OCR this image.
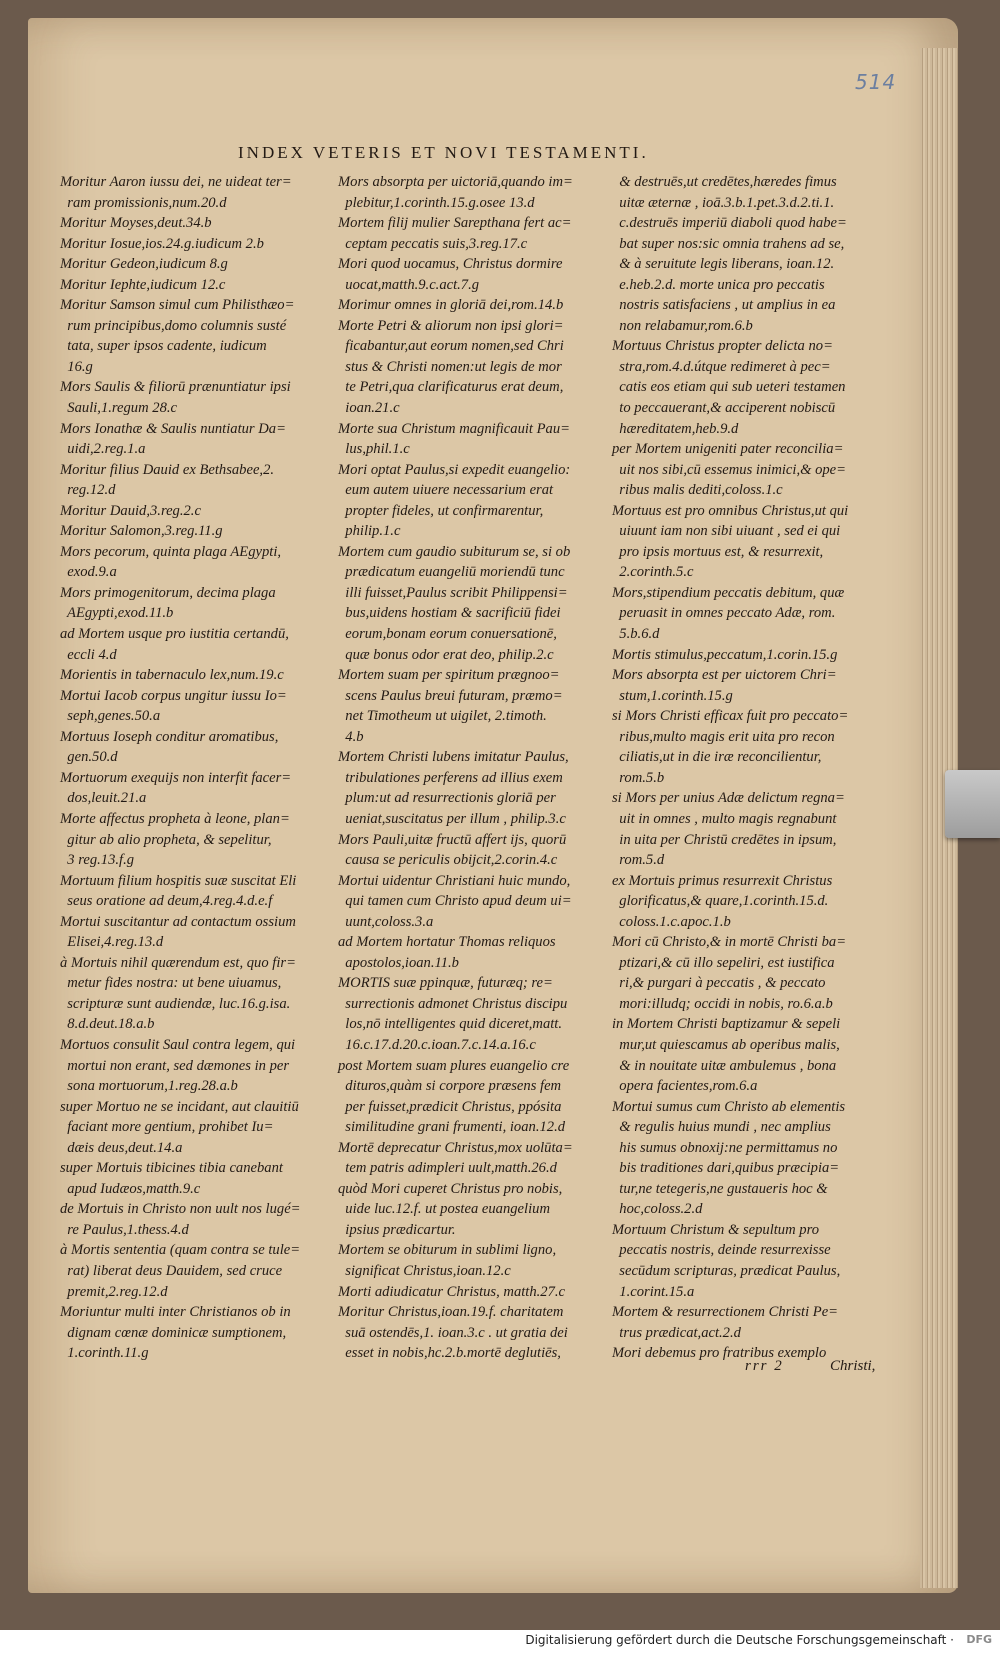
514
INDEX VETERIS ET NOVI TESTAMENTI.
Moritur Aaron iussu dei, ne uideat ter=
ram promissionis,num.20.d
Moritur Moyses,deut.34.b
Moritur Iosue,ios.24.g.iudicum 2.b
Moritur Gedeon,iudicum 8.g
Moritur Iephte,iudicum 12.c
Moritur Samson simul cum Philisthæo=
rum principibus,domo columnis susté
tata, super ipsos cadente, iudicum
16.g
Mors Saulis & filiorū prænuntiatur ipsi
Sauli,1.regum 28.c
Mors Ionathæ & Saulis nuntiatur Da=
uidi,2.reg.1.a
Moritur filius Dauid ex Bethsabee,2.
reg.12.d
Moritur Dauid,3.reg.2.c
Moritur Salomon,3.reg.11.g
Mors pecorum, quinta plaga AEgypti,
exod.9.a
Mors primogenitorum, decima plaga
AEgypti,exod.11.b
ad Mortem usque pro iustitia certandū,
eccli 4.d
Morientis in tabernaculo lex,num.19.c
Mortui Iacob corpus ungitur iussu Io=
seph,genes.50.a
Mortuus Ioseph conditur aromatibus,
gen.50.d
Mortuorum exequijs non interfit facer=
dos,leuit.21.a
Morte affectus propheta à leone, plan=
gitur ab alio propheta, & sepelitur,
3 reg.13.f.g
Mortuum filium hospitis suæ suscitat Eli
seus oratione ad deum,4.reg.4.d.e.f
Mortui suscitantur ad contactum ossium
Elisei,4.reg.13.d
à Mortuis nihil quærendum est, quo fir=
metur fides nostra: ut bene uiuamus,
scripturæ sunt audiendæ, luc.16.g.isa.
8.d.deut.18.a.b
Mortuos consulit Saul contra legem, qui
mortui non erant, sed dæmones in per
sona mortuorum,1.reg.28.a.b
super Mortuo ne se incidant, aut clauitiū
faciant more gentium, prohibet Iu=
dæis deus,deut.14.a
super Mortuis tibicines tibia canebant
apud Iudæos,matth.9.c
de Mortuis in Christo non uult nos lugé=
re Paulus,1.thess.4.d
à Mortis sententia (quam contra se tule=
rat) liberat deus Dauidem, sed cruce
premit,2.reg.12.d
Moriuntur multi inter Christianos ob in
dignam cœnæ dominicæ sumptionem,
1.corinth.11.g
Mors absorpta per uictoriā,quando im=
plebitur,1.corinth.15.g.osee 13.d
Mortem filij mulier Sarepthana fert ac=
ceptam peccatis suis,3.reg.17.c
Mori quod uocamus, Christus dormire
uocat,matth.9.c.act.7.g
Morimur omnes in gloriā dei,rom.14.b
Morte Petri & aliorum non ipsi glori=
ficabantur,aut eorum nomen,sed Chri
stus & Christi nomen:ut legis de mor
te Petri,qua clarificaturus erat deum,
ioan.21.c
Morte sua Christum magnificauit Pau=
lus,phil.1.c
Mori optat Paulus,si expedit euangelio:
eum autem uiuere necessarium erat
propter fideles, ut confirmarentur,
philip.1.c
Mortem cum gaudio subiturum se, si ob
prædicatum euangeliū moriendū tunc
illi fuisset,Paulus scribit Philippensi=
bus,uidens hostiam & sacrificiū fidei
eorum,bonam eorum conuersationē,
quæ bonus odor erat deo, philip.2.c
Mortem suam per spiritum prægnoo=
scens Paulus breui futuram, præmo=
net Timotheum ut uigilet, 2.timoth.
4.b
Mortem Christi lubens imitatur Paulus,
tribulationes perferens ad illius exem
plum:ut ad resurrectionis gloriā per
ueniat,suscitatus per illum , philip.3.c
Mors Pauli,uitæ fructū affert ijs, quorū
causa se periculis obijcit,2.corin.4.c
Mortui uidentur Christiani huic mundo,
qui tamen cum Christo apud deum ui=
uunt,coloss.3.a
ad Mortem hortatur Thomas reliquos
apostolos,ioan.11.b
MORTIS suæ ppinquæ, futuræq; re=
surrectionis admonet Christus discipu
los,nō intelligentes quid diceret,matt.
16.c.17.d.20.c.ioan.7.c.14.a.16.c
post Mortem suam plures euangelio cre
dituros,quàm si corpore præsens fem
per fuisset,prædicit Christus, ppósita
similitudine grani frumenti, ioan.12.d
Mortē deprecatur Christus,mox uolūta=
tem patris adimpleri uult,matth.26.d
quòd Mori cuperet Christus pro nobis,
uide luc.12.f. ut postea euangelium
ipsius prædicartur.
Mortem se obiturum in sublimi ligno,
significat Christus,ioan.12.c
Morti adiudicatur Christus, matth.27.c
Moritur Christus,ioan.19.f. charitatem
suā ostendēs,1. ioan.3.c . ut gratia dei
esset in nobis,hc.2.b.mortē deglutiēs,
& destruēs,ut credētes,hæredes fimus
uitæ æternæ , ioā.3.b.1.pet.3.d.2.ti.1.
c.destruēs imperiū diaboli quod habe=
bat super nos:sic omnia trahens ad se,
& à seruitute legis liberans, ioan.12.
e.heb.2.d. morte unica pro peccatis
nostris satisfaciens , ut amplius in ea
non relabamur,rom.6.b
Mortuus Christus propter delicta no=
stra,rom.4.d.útque redimeret à pec=
catis eos etiam qui sub ueteri testamen
to peccauerant,& acciperent nobiscū
hæreditatem,heb.9.d
per Mortem unigeniti pater reconcilia=
uit nos sibi,cū essemus inimici,& ope=
ribus malis dediti,coloss.1.c
Mortuus est pro omnibus Christus,ut qui
uiuunt iam non sibi uiuant , sed ei qui
pro ipsis mortuus est, & resurrexit,
2.corinth.5.c
Mors,stipendium peccatis debitum, quæ
peruasit in omnes peccato Adæ, rom.
5.b.6.d
Mortis stimulus,peccatum,1.corin.15.g
Mors absorpta est per uictorem Chri=
stum,1.corinth.15.g
si Mors Christi efficax fuit pro peccato=
ribus,multo magis erit uita pro recon
ciliatis,ut in die iræ reconcilientur,
rom.5.b
si Mors per unius Adæ delictum regna=
uit in omnes , multo magis regnabunt
in uita per Christū credētes in ipsum,
rom.5.d
ex Mortuis primus resurrexit Christus
glorificatus,& quare,1.corinth.15.d.
coloss.1.c.apoc.1.b
Mori cū Christo,& in mortē Christi ba=
ptizari,& cū illo sepeliri, est iustifica
ri,& purgari à peccatis , & peccato
mori:illudq; occidi in nobis, ro.6.a.b
in Mortem Christi baptizamur & sepeli
mur,ut quiescamus ab operibus malis,
& in nouitate uitæ ambulemus , bona
opera facientes,rom.6.a
Mortui sumus cum Christo ab elementis
& regulis huius mundi , nec amplius
his sumus obnoxij:ne permittamus no
bis traditiones dari,quibus præcipia=
tur,ne tetegeris,ne gustaueris hoc &
hoc,coloss.2.d
Mortuum Christum & sepultum pro
peccatis nostris, deinde resurrexisse
secūdum scripturas, prædicat Paulus,
1.corint.15.a
Mortem & resurrectionem Christi Pe=
trus prædicat,act.2.d
Mori debemus pro fratribus exemplo
rrr 2	Christi,
Digitalisierung gefördert durch die Deutsche Forschungsgemeinschaft · DFG
